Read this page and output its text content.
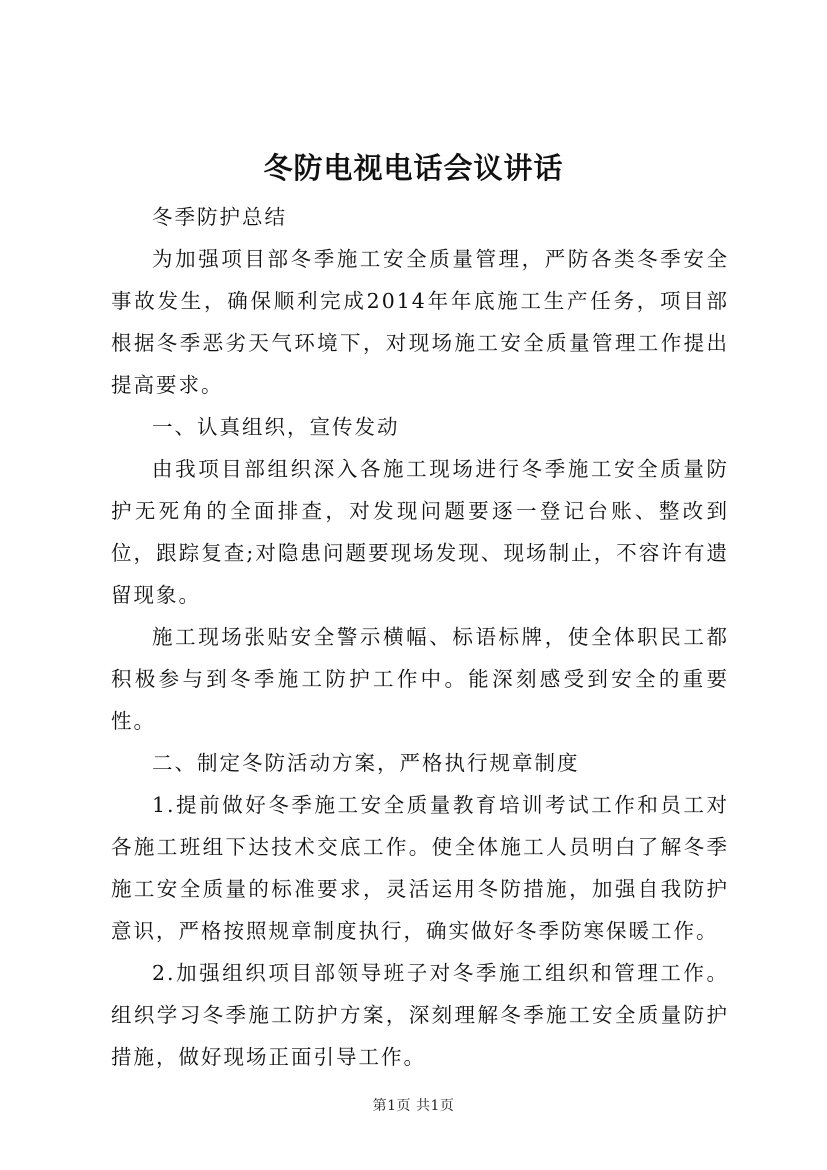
冬防电视电话会议讲话

冬季防护总结

为加强项目部冬季施工安全质量管理，严防各类冬季安全事故发生，确保顺利完成2014年年底施工生产任务，项目部根据冬季恶劣天气环境下，对现场施工安全质量管理工作提出提高要求。

一、认真组织，宣传发动

由我项目部组织深入各施工现场进行冬季施工安全质量防护无死角的全面排查，对发现问题要逐一登记台账、整改到位，跟踪复查;对隐患问题要现场发现、现场制止，不容许有遗留现象。

施工现场张贴安全警示横幅、标语标牌，使全体职民工都积极参与到冬季施工防护工作中。能深刻感受到安全的重要性。

二、制定冬防活动方案，严格执行规章制度

1.提前做好冬季施工安全质量教育培训考试工作和员工对各施工班组下达技术交底工作。使全体施工人员明白了解冬季施工安全质量的标准要求，灵活运用冬防措施，加强自我防护意识，严格按照规章制度执行，确实做好冬季防寒保暖工作。

2.加强组织项目部领导班子对冬季施工组织和管理工作。组织学习冬季施工防护方案，深刻理解冬季施工安全质量防护措施，做好现场正面引导工作。

第1页 共1页
